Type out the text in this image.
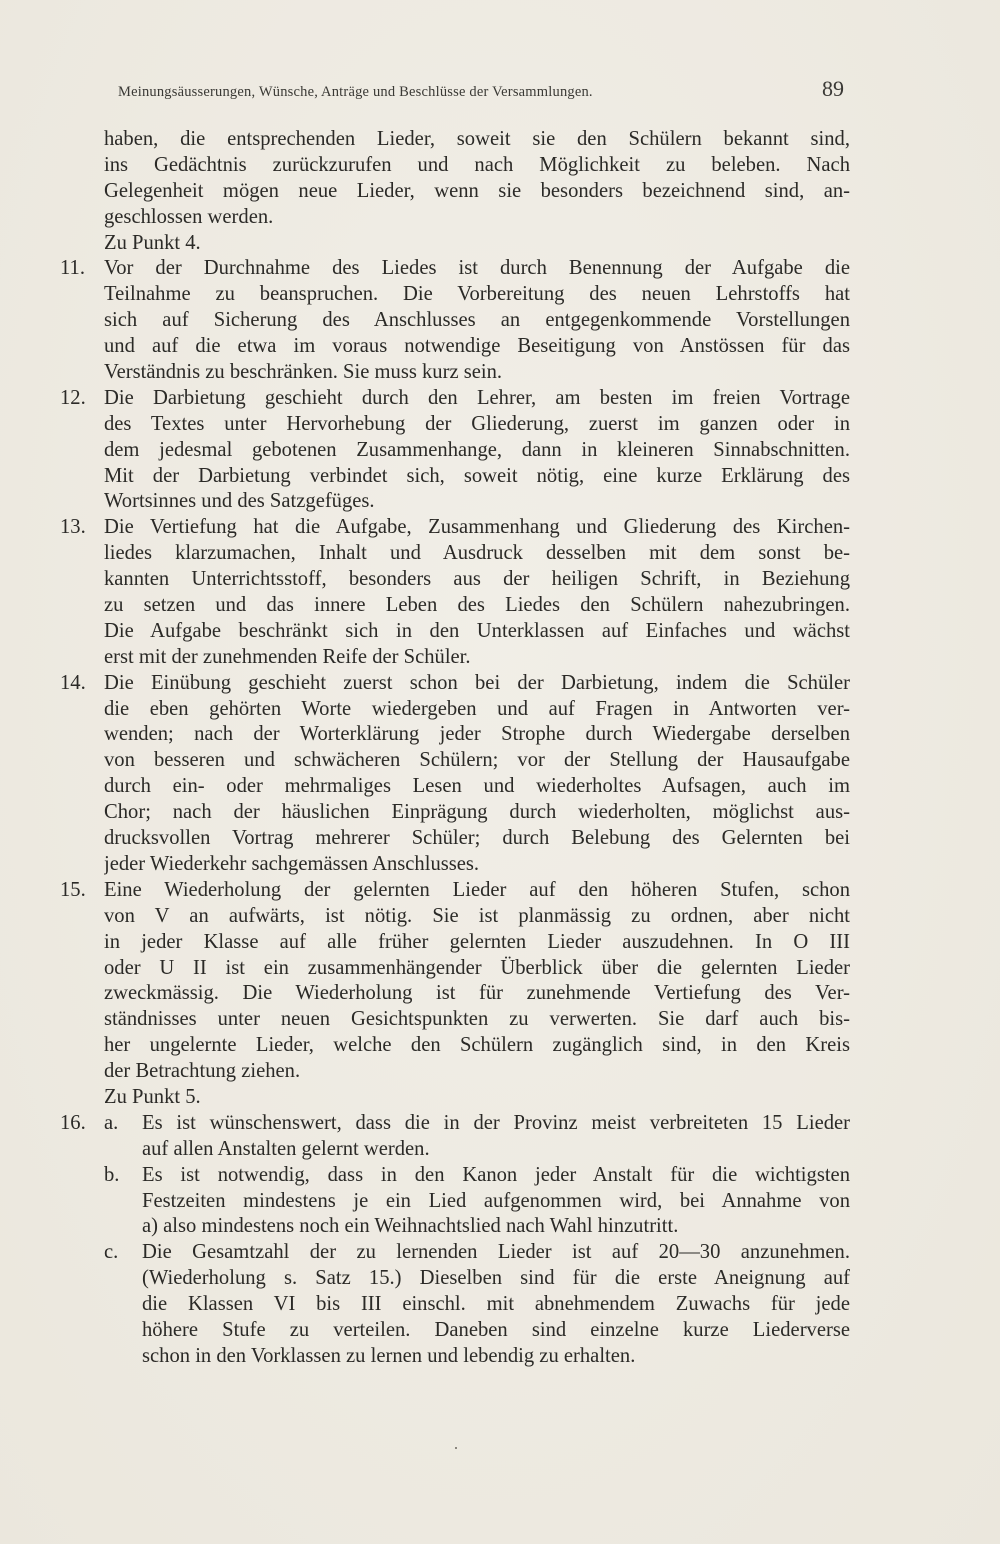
Meinungsäusserungen, Wünsche, Anträge und Beschlüsse der Versammlungen.	89
haben, die entsprechenden Lieder, soweit sie den Schülern bekannt sind,
ins Gedächtnis zurückzurufen und nach Möglichkeit zu beleben. Nach
Gelegenheit mögen neue Lieder, wenn sie besonders bezeichnend sind, an-
geschlossen werden.
Zu Punkt 4.
11. Vor der Durchnahme des Liedes ist durch Benennung der Aufgabe die
Teilnahme zu beanspruchen. Die Vorbereitung des neuen Lehrstoffs hat
sich auf Sicherung des Anschlusses an entgegenkommende Vorstellungen
und auf die etwa im voraus notwendige Beseitigung von Anstössen für das
Verständnis zu beschränken. Sie muss kurz sein.
12. Die Darbietung geschieht durch den Lehrer, am besten im freien Vortrage
des Textes unter Hervorhebung der Gliederung, zuerst im ganzen oder in
dem jedesmal gebotenen Zusammenhange, dann in kleineren Sinnabschnitten.
Mit der Darbietung verbindet sich, soweit nötig, eine kurze Erklärung des
Wortsinnes und des Satzgefüges.
13. Die Vertiefung hat die Aufgabe, Zusammenhang und Gliederung des Kirchen-
liedes klarzumachen, Inhalt und Ausdruck desselben mit dem sonst be-
kannten Unterrichtsstoff, besonders aus der heiligen Schrift, in Beziehung
zu setzen und das innere Leben des Liedes den Schülern nahezubringen.
Die Aufgabe beschränkt sich in den Unterklassen auf Einfaches und wächst
erst mit der zunehmenden Reife der Schüler.
14. Die Einübung geschieht zuerst schon bei der Darbietung, indem die Schüler
die eben gehörten Worte wiedergeben und auf Fragen in Antworten ver-
wenden; nach der Worterklärung jeder Strophe durch Wiedergabe derselben
von besseren und schwächeren Schülern; vor der Stellung der Hausaufgabe
durch ein- oder mehrmaliges Lesen und wiederholtes Aufsagen, auch im
Chor; nach der häuslichen Einprägung durch wiederholten, möglichst aus-
drucksvollen Vortrag mehrerer Schüler; durch Belebung des Gelernten bei
jeder Wiederkehr sachgemässen Anschlusses.
15. Eine Wiederholung der gelernten Lieder auf den höheren Stufen, schon
von V an aufwärts, ist nötig. Sie ist planmässig zu ordnen, aber nicht
in jeder Klasse auf alle früher gelernten Lieder auszudehnen. In O III
oder U II ist ein zusammenhängender Überblick über die gelernten Lieder
zweckmässig. Die Wiederholung ist für zunehmende Vertiefung des Ver-
ständnisses unter neuen Gesichtspunkten zu verwerten. Sie darf auch bis-
her ungelernte Lieder, welche den Schülern zugänglich sind, in den Kreis
der Betrachtung ziehen.
Zu Punkt 5.
16. a.	Es ist wünschenswert, dass die in der Provinz meist verbreiteten 15 Lieder
auf allen Anstalten gelernt werden.
b.	Es ist notwendig, dass in den Kanon jeder Anstalt für die wichtigsten
Festzeiten mindestens je ein Lied aufgenommen wird, bei Annahme von
a) also mindestens noch ein Weihnachtslied nach Wahl hinzutritt.
c.	Die Gesamtzahl der zu lernenden Lieder ist auf 20—30 anzunehmen.
(Wiederholung s. Satz 15.) Dieselben sind für die erste Aneignung auf
die Klassen VI bis III einschl. mit abnehmendem Zuwachs für jede
höhere Stufe zu verteilen. Daneben sind einzelne kurze Liederverse
schon in den Vorklassen zu lernen und lebendig zu erhalten.
